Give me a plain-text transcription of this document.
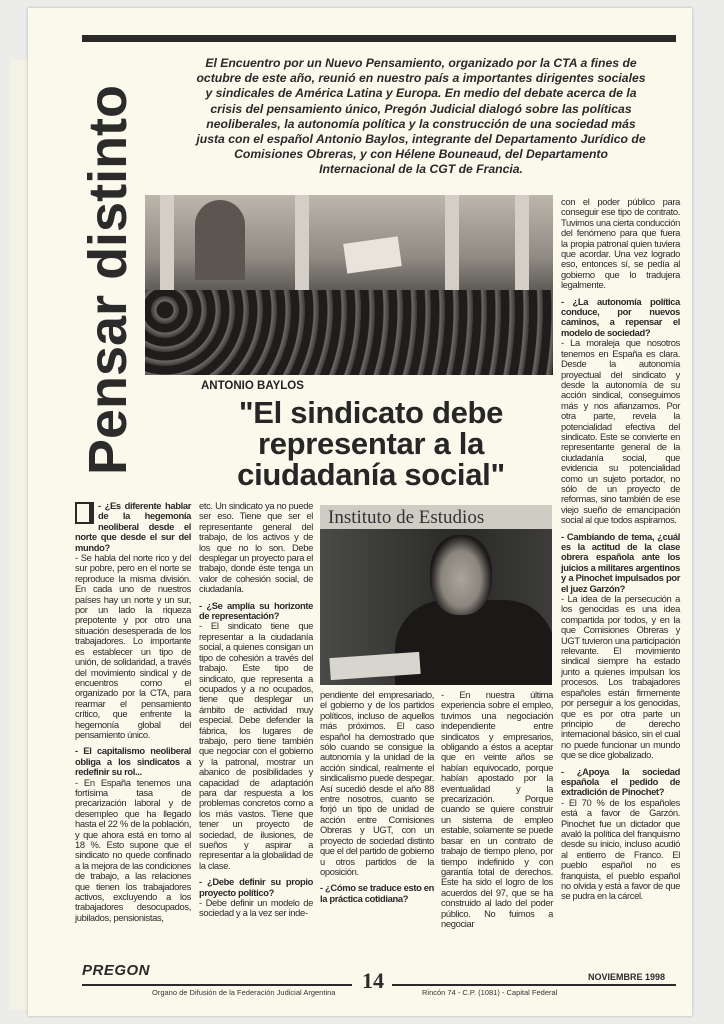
Pensar distinto
El Encuentro por un Nuevo Pensamiento, organizado por la CTA a fines de octubre de este año, reunió en nuestro país a importantes dirigentes sociales y sindicales de América Latina y Europa. En medio del debate acerca de la crisis del pensamiento único, Pregón Judicial dialogó sobre las políticas neoliberales, la autonomía política y la construcción de una sociedad más justa con el español Antonio Baylos, integrante del Departamento Jurídico de Comisiones Obreras, y con Hélene Bouneaud, del Departamento Internacional de la CGT de Francia.
ANTONIO BAYLOS
"El sindicato debe representar a la ciudadanía social"

- ¿Es diferente hablar de la hegemonía neoliberal desde el norte que desde el sur del mundo?

- Se habla del norte rico y del sur pobre, pero en el norte se reproduce la misma división. En cada uno de nuestros países hay un norte y un sur, por un lado la riqueza prepotente y por otro una situación desesperada de los trabajadores. Lo importante es establecer un tipo de unión, de solidaridad, a través del movimiento sindical y de encuentros como el organizado por la CTA, para rearmar el pensamiento crítico, que enfrente la hegemonía global del pensamiento único.

- El capitalismo neoliberal obliga a los sindicatos a redefinir su rol...

- En España tenemos una fortísima tasa de precarización laboral y de desempleo que ha llegado hasta el 22 % de la población, y que ahora está en torno al 18 %. Esto supone que el sindicato no quede confinado a la mejora de las condiciones de trabajo, a las relaciones que tienen los trabajadores activos, excluyendo a los trabajadores desocupados, jubilados, pensionistas,

etc. Un sindicato ya no puede ser eso. Tiene que ser el representante general del trabajo, de los activos y de los que no lo son. Debe desplegar un proyecto para el trabajo, donde éste tenga un valor de cohesión social, de ciudadanía.

- ¿Se amplía su horizonte de representación?

- El sindicato tiene que representar a la ciudadanía social, a quienes consigan un tipo de cohesión a través del trabajo. Este tipo de sindicato, que representa a ocupados y a no ocupados, tiene que desplegar un ámbito de actividad muy especial. Debe defender la fábrica, los lugares de trabajo, pero tiene también que negociar con el gobierno y la patronal, mostrar un abanico de posibilidades y capacidad de adaptación para dar respuesta a los problemas concretos como a los más vastos. Tiene que tener un proyecto de sociedad, de ilusiones, de sueños y aspirar a representar a la globalidad de la clase.

- ¿Debe definir su propio proyecto político?

- Debe definir un modelo de sociedad y a la vez ser inde-

Instituto de Estudios

pendiente del empresariado, el gobierno y de los partidos políticos, incluso de aquellos más próximos. El caso español ha demostrado que sólo cuando se consigue la autonomía y la unidad de la acción sindical, realmente el sindicalismo puede despegar. Así sucedió desde el año 88 entre nosotros, cuanto se forjó un tipo de unidad de acción entre Comisiones Obreras y UGT, con un proyecto de sociedad distinto que el del partido de gobierno u otros partidos de la oposición.

- ¿Cómo se traduce esto en la práctica cotidiana?

- En nuestra última experiencia sobre el empleo, tuvimos una negociación independiente entre sindicatos y empresarios, obligando a éstos a aceptar que en veinte años se habían equivocado, porque habían apostado por la eventualidad y la precarización. Porque cuando se quiere construir un sistema de empleo estable, solamente se puede basar en un contrato de trabajo de tiempo pleno, por tiempo indefinido y con garantía total de derechos. Este ha sido el logro de los acuerdos del 97, que se ha construido al lado del poder público. No fuimos a negociar

con el poder público para conseguir ese tipo de contrato. Tuvimos una cierta conducción del fenómeno para que fuera la propia patronal quien tuviera que acordar. Una vez logrado eso, entonces sí, se pedía al gobierno que lo tradujera legalmente.

- ¿La autonomía política conduce, por nuevos caminos, a repensar el modelo de sociedad?

- La moraleja que nosotros tenemos en España es clara. Desde la autonomía proyectual del sindicato y desde la autonomía de su acción sindical, conseguimos más y nos afianzamos. Por otra parte, revela la potencialidad efectiva del sindicato. Este se convierte en representante general de la ciudadanía social, que evidencia su potencialidad como un sujeto portador, no sólo de un proyecto de reformas, sino también de ese viejo sueño de emancipación social al que todos aspiramos.

- Cambiando de tema, ¿cuál es la actitud de la clase obrera española ante los juicios a militares argentinos y a Pinochet impulsados por el juez Garzón?

- La idea de la persecución a los genocidas es una idea compartida por todos, y en la que Comisiones Obreras y UGT tuvieron una participación relevante. El movimiento sindical siempre ha estado junto a quienes impulsan los procesos. Los trabajadores españoles están firmemente por perseguir a los genocidas, que es por otra parte un principio de derecho internacional básico, sin el cual no puede funcionar un mundo que se dice globalizado.

- ¿Apoya la sociedad española el pedido de extradición de Pinochet?

- El 70 % de los españoles está a favor de Garzón. Pinochet fue un dictador que avaló la política del franquismo desde su inicio, incluso acudió al entierro de Franco. El pueblo español no es franquista, el pueblo español no olvida y está a favor de que se pudra en la cárcel.

PREGON
Organo de Difusión de la Federación Judicial Argentina 14	Rincón 74 - C.P. (1081) - Capital Federal
NOVIEMBRE 1998
